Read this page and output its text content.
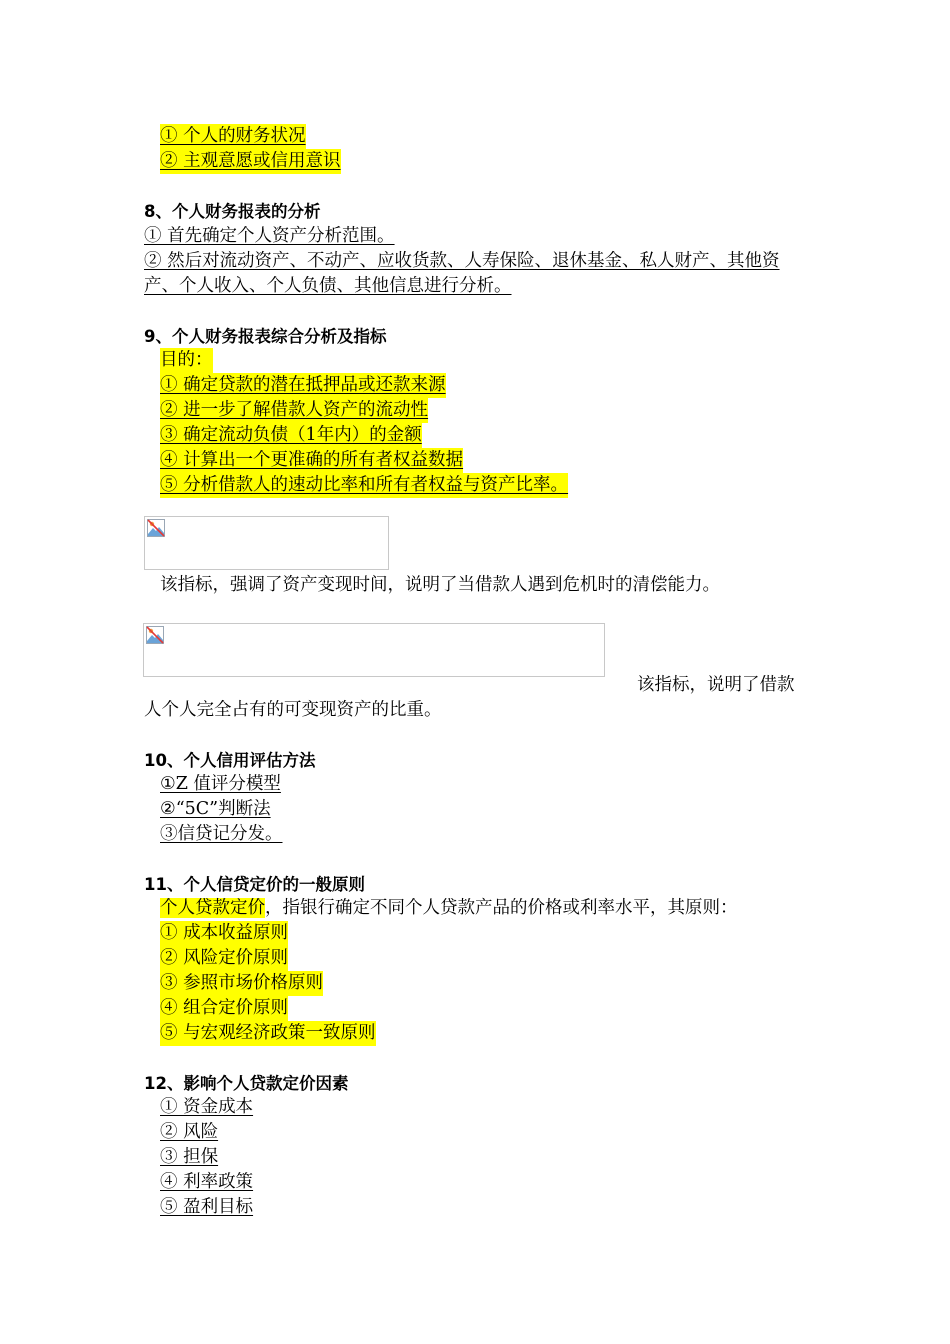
① 个人的财务状况
② 主观意愿或信用意识
8、个人财务报表的分析
① 首先确定个人资产分析范围。
② 然后对流动资产、不动产、应收货款、人寿保险、退休基金、私人财产、其他资
产、个人收入、个人负债、其他信息进行分析。
9、个人财务报表综合分析及指标
目的：
① 确定贷款的潜在抵押品或还款来源
② 进一步了解借款人资产的流动性
③ 确定流动负债（1年内）的金额
④ 计算出一个更准确的所有者权益数据
⑤ 分析借款人的速动比率和所有者权益与资产比率。
该指标，强调了资产变现时间，说明了当借款人遇到危机时的清偿能力。
该指标，说明了借款
人个人完全占有的可变现资产的比重。
10、个人信用评估方法
①Z 值评分模型
②“5C”判断法
③信贷记分发。
11、个人信贷定价的一般原则
个人贷款定价，指银行确定不同个人贷款产品的价格或利率水平，其原则：
① 成本收益原则
② 风险定价原则
③ 参照市场价格原则
④ 组合定价原则
⑤ 与宏观经济政策一致原则
12、影响个人贷款定价因素
① 资金成本
② 风险
③ 担保
④ 利率政策
⑤ 盈利目标
